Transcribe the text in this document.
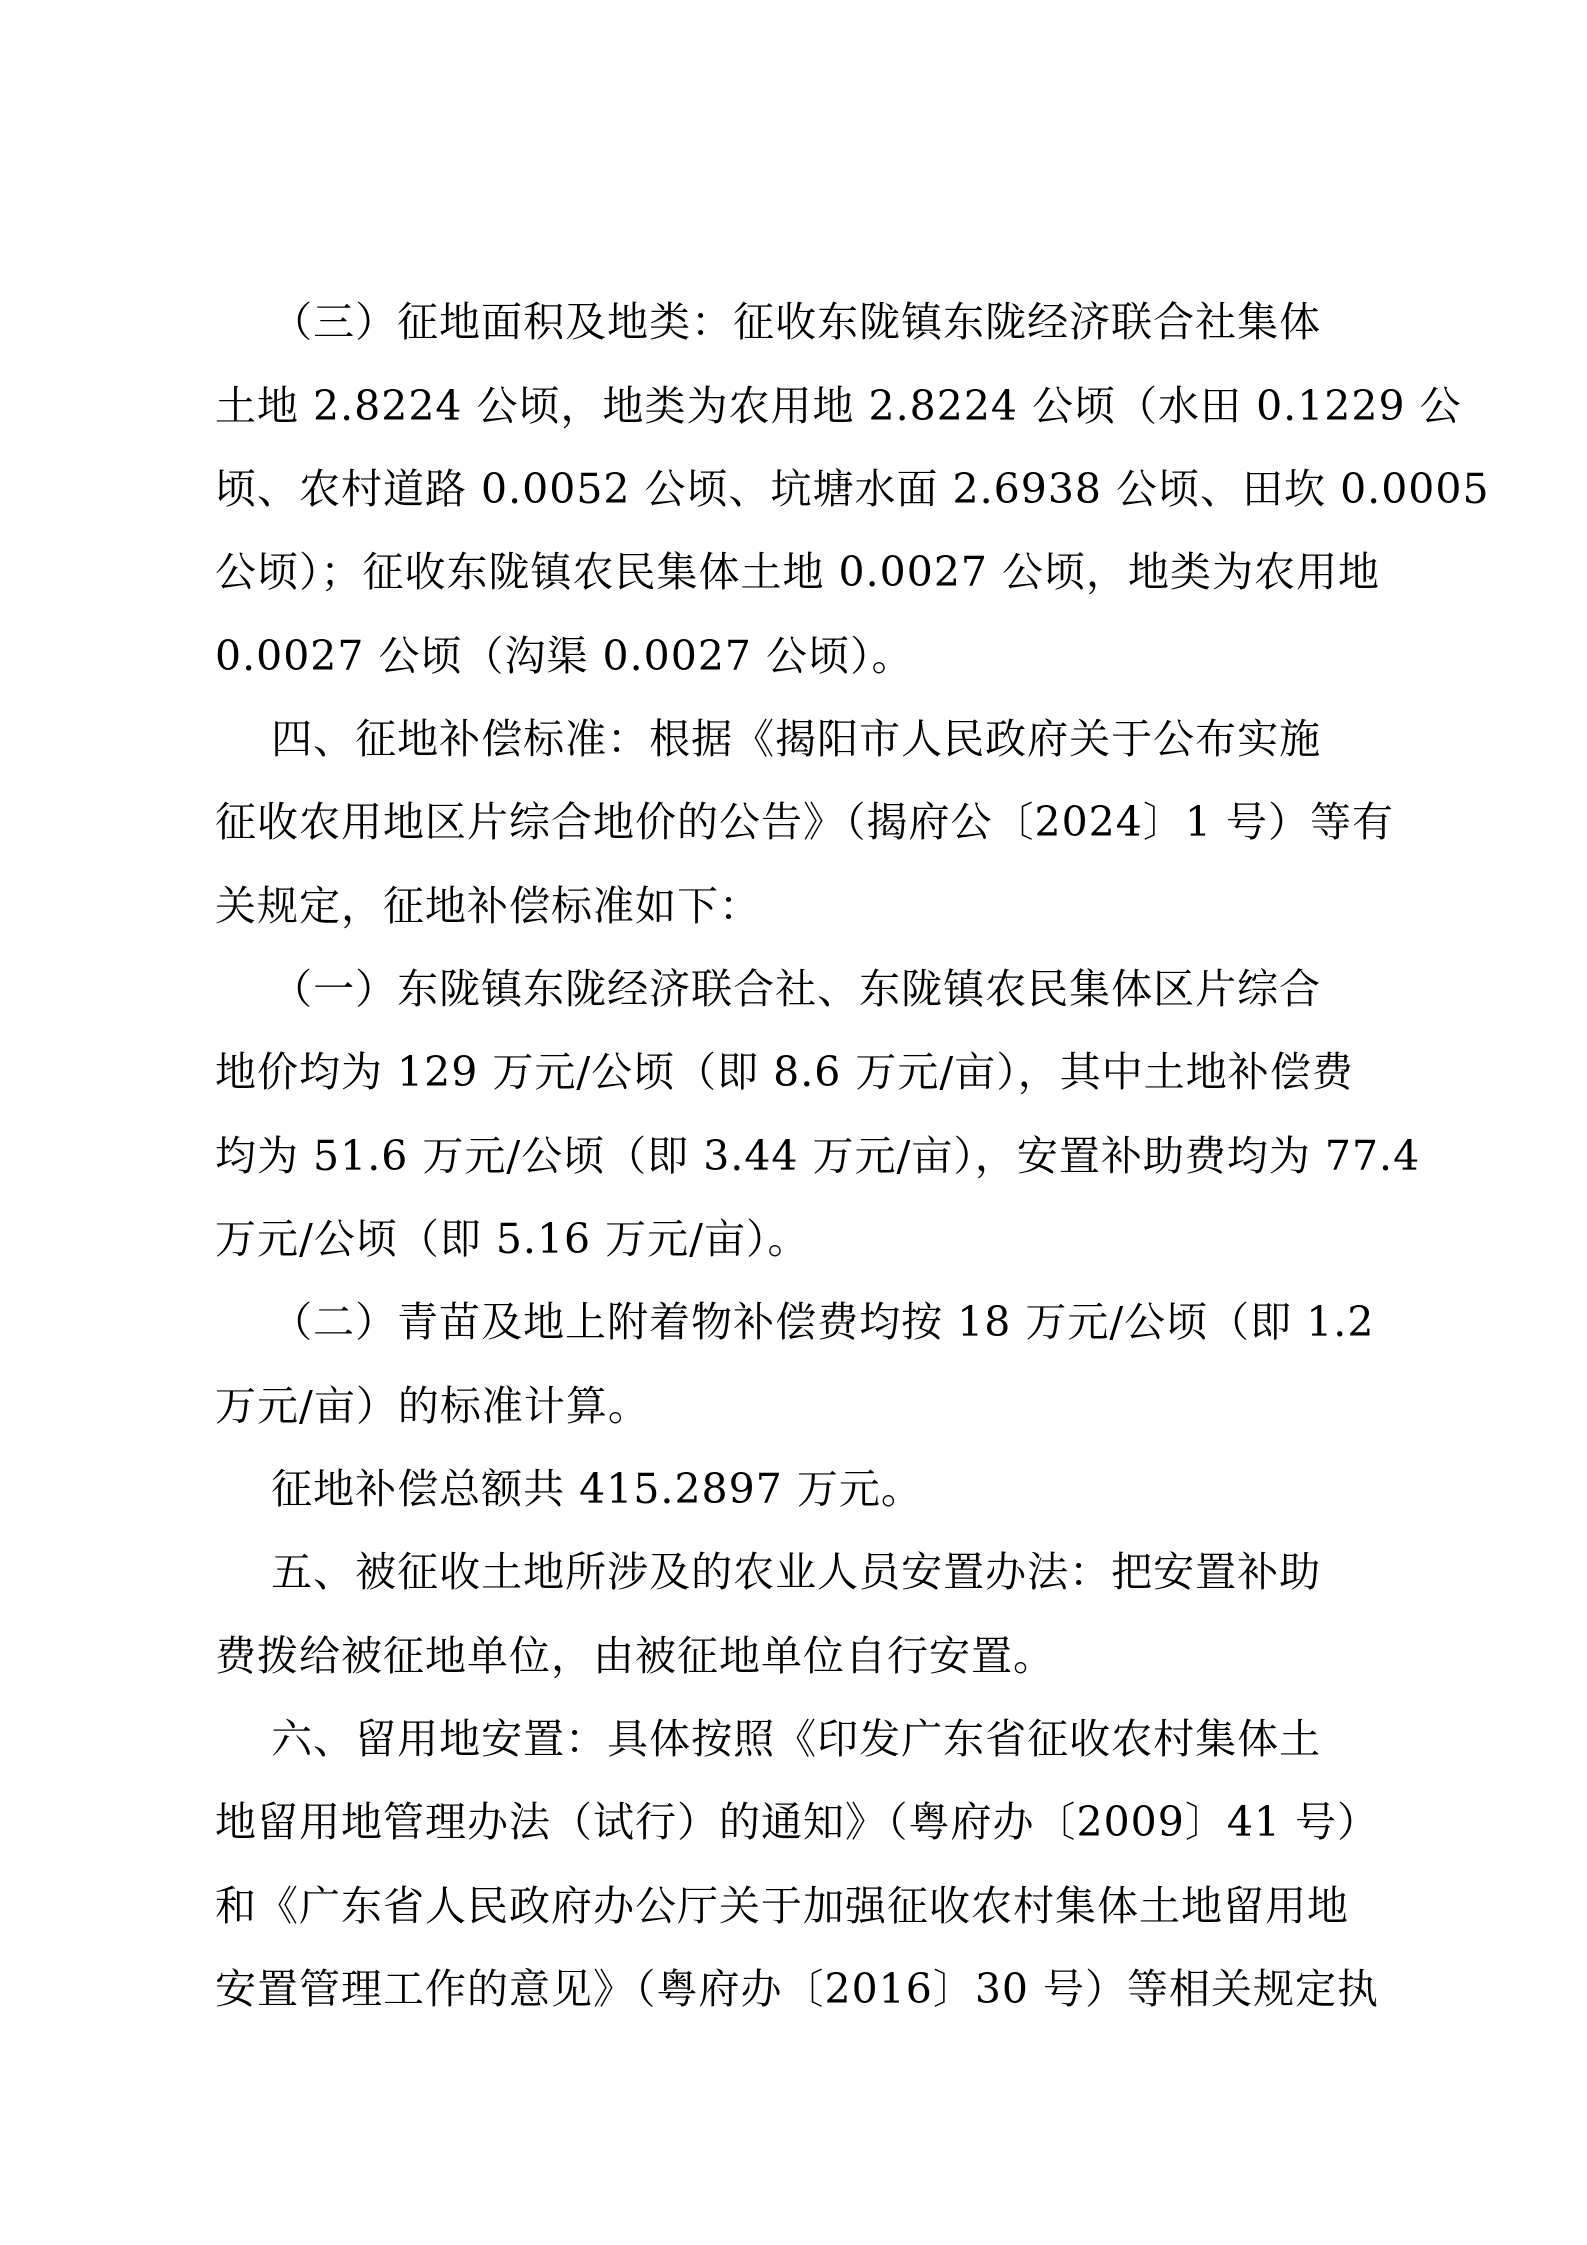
（三）征地面积及地类：征收东陇镇东陇经济联合社集体
土地 2.8224 公顷，地类为农用地 2.8224 公顷（水田 0.1229 公
顷、农村道路 0.0052 公顷、坑塘水面 2.6938 公顷、田坎 0.0005
公顷）；征收东陇镇农民集体土地 0.0027 公顷，地类为农用地
0.0027 公顷（沟渠 0.0027 公顷）。
四、征地补偿标准：根据《揭阳市人民政府关于公布实施
征收农用地区片综合地价的公告》（揭府公〔2024〕1 号）等有
关规定，征地补偿标准如下：
（一）东陇镇东陇经济联合社、东陇镇农民集体区片综合
地价均为 129 万元/公顷（即 8.6 万元/亩），其中土地补偿费
均为 51.6 万元/公顷（即 3.44 万元/亩），安置补助费均为 77.4
万元/公顷（即 5.16 万元/亩）。
（二）青苗及地上附着物补偿费均按 18 万元/公顷（即 1.2
万元/亩）的标准计算。
征地补偿总额共 415.2897 万元。
五、被征收土地所涉及的农业人员安置办法：把安置补助
费拨给被征地单位，由被征地单位自行安置。
六、留用地安置：具体按照《印发广东省征收农村集体土
地留用地管理办法（试行）的通知》（粤府办〔2009〕41 号）
和《广东省人民政府办公厅关于加强征收农村集体土地留用地
安置管理工作的意见》（粤府办〔2016〕30 号）等相关规定执
